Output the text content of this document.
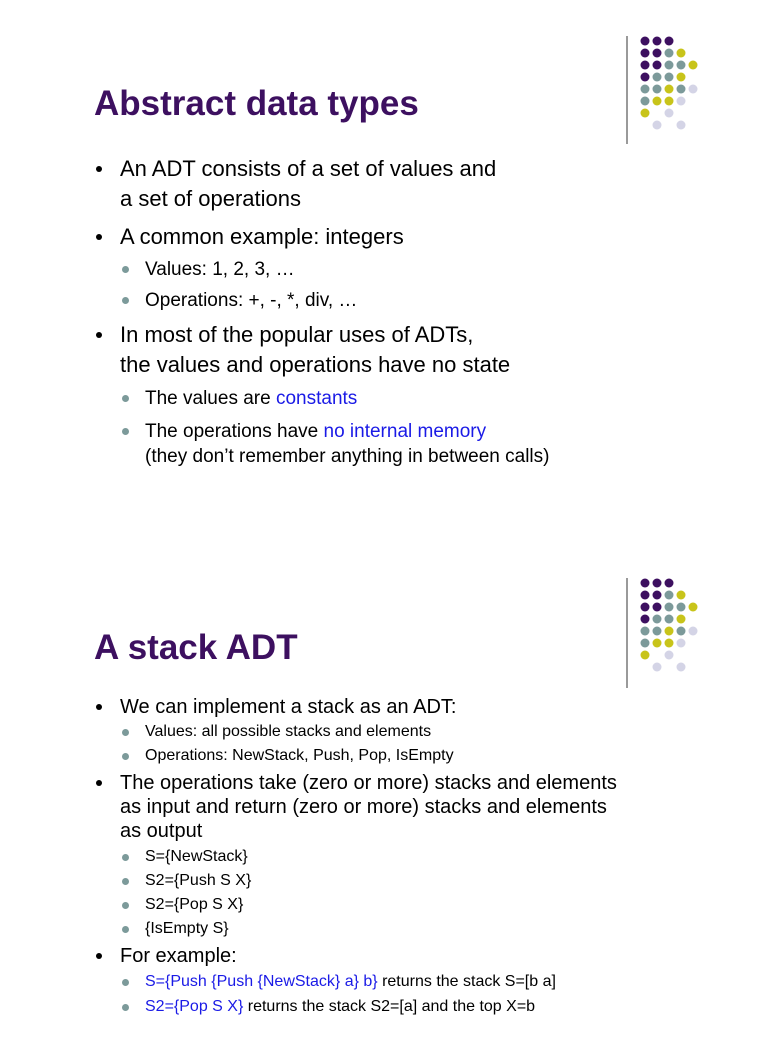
Abstract data types
An ADT consists of a set of values and
a set of operations
A common example: integers
Values: 1, 2, 3, …
Operations: +, -, *, div, …
In most of the popular uses of ADTs,
the values and operations have no state
The values are constants
The operations have no internal memory
(they don’t remember anything in between calls)
A stack ADT
We can implement a stack as an ADT:
Values: all possible stacks and elements
Operations: NewStack, Push, Pop, IsEmpty
The operations take (zero or more) stacks and elements
as input and return (zero or more) stacks and elements
as output
S={NewStack}
S2={Push S X}
S2={Pop S X}
{IsEmpty S}
For example:
S={Push {Push {NewStack} a} b} returns the stack S=[b a]
S2={Pop S X} returns the stack S2=[a] and the top X=b
